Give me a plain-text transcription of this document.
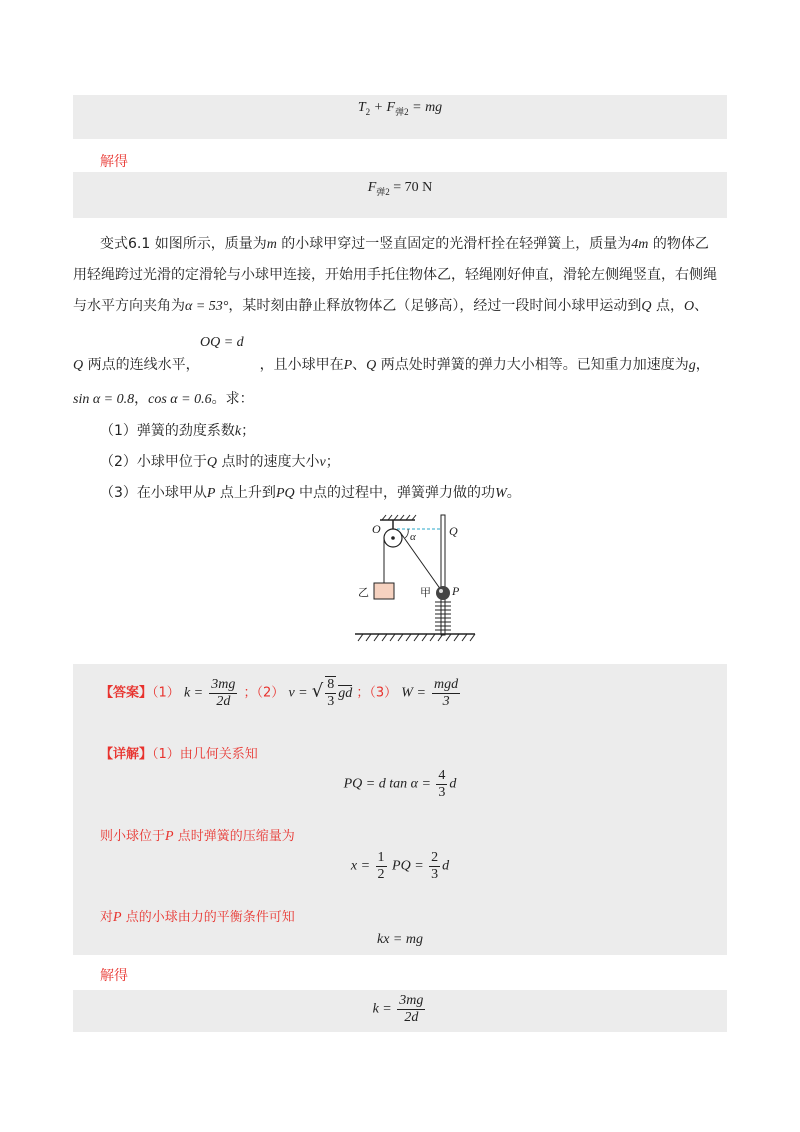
$T_2 + F_{弹2}$ = mg
解得
$F_{弹2} = 70$ N
变式6.1 如图所示，质量为m 的小球甲穿过一竖直固定的光滑杆拴在轻弹簧上，质量为4m 的物体乙
用轻绳跨过光滑的定滑轮与小球甲连接，开始用手托住物体乙，轻绳刚好伸直，滑轮左侧绳竖直，右侧绳
与水平方向夹角为α = 53°，某时刻由静止释放物体乙（足够高），经过一段时间小球甲运动到Q 点，O、
OQ = d
Q 两点的连线水平，	，且小球甲在P、Q 两点处时弹簧的弹力大小相等。已知重力加速度为g，
sin α = 0.8，cos α = 0.6。求：
（1）弹簧的劲度系数k；
（2）小球甲位于Q 点时的速度大小v；
（3）在小球甲从P 点上升到PQ 中点的过程中，弹簧弹力做的功W。
O
α	Q
乙	甲 P
【答案】（1） $k = \frac{3mg}{2d}$ ；（2） v = √ $\frac{8}{3}$ gd ；（3） $W = \frac{\text{mgd}}{3}$
【详解】（1）由几何关系知
PQ = d $\tan \alpha = \frac{4}{3}$ d
则小球位于P 点时弹簧的压缩量为
$x = \frac{1}{2}$ PQ = $\frac{2}{3}$ d
对P 点的小球由力的平衡条件可知
kx = mg
解得
$k = \frac{3mg}{2d}$
